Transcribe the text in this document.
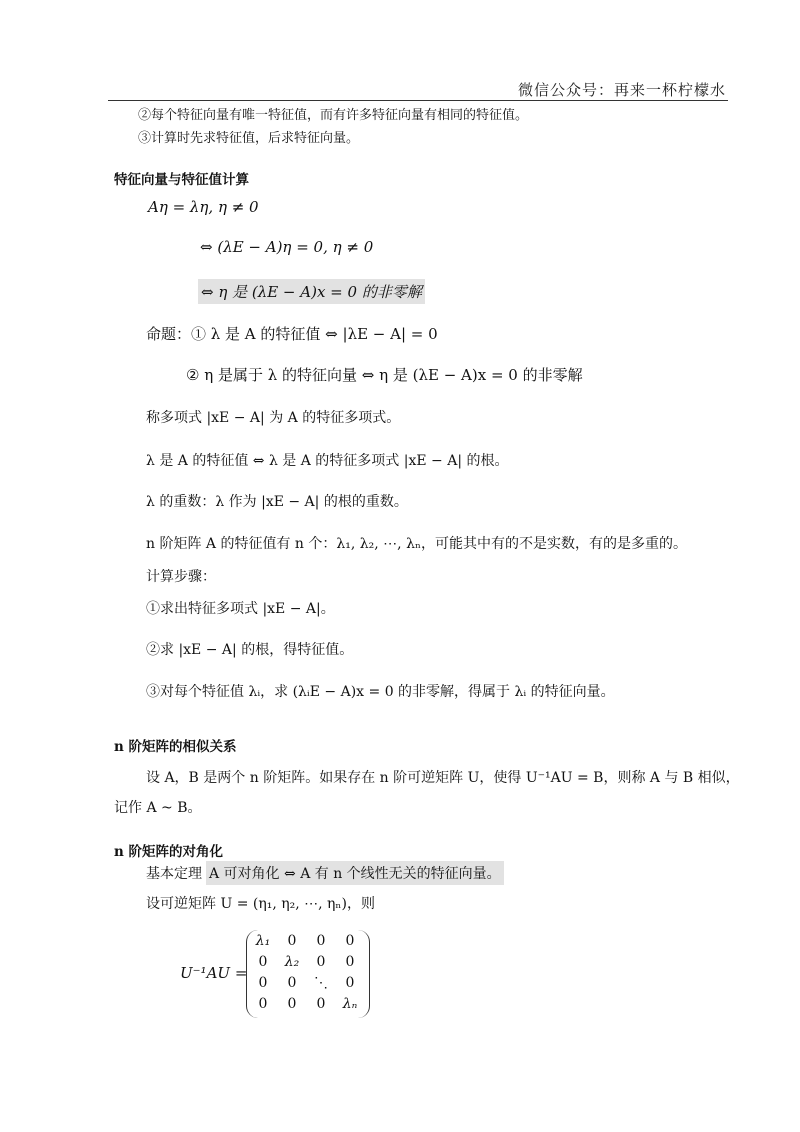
微信公众号：再来一杯柠檬水
②每个特征向量有唯一特征值，而有许多特征向量有相同的特征值。
③计算时先求特征值，后求特征向量。
特征向量与特征值计算
Aη = λη, η ≠ 0
⇔ (λE − A)η = 0, η ≠ 0
⇔ η 是 (λE − A)x = 0 的非零解
命题：① λ 是 A 的特征值 ⇔ |λE − A| = 0
② η 是属于 λ 的特征向量 ⇔ η 是 (λE − A)x = 0 的非零解
称多项式 |xE − A| 为 A 的特征多项式。
λ 是 A 的特征值 ⇔ λ 是 A 的特征多项式 |xE − A| 的根。
λ 的重数：λ 作为 |xE − A| 的根的重数。
n 阶矩阵 A 的特征值有 n 个：λ₁, λ₂, ⋯, λₙ，可能其中有的不是实数，有的是多重的。
计算步骤：
①求出特征多项式 |xE − A|。
②求 |xE − A| 的根，得特征值。
③对每个特征值 λᵢ，求 (λᵢE − A)x = 0 的非零解，得属于 λᵢ 的特征向量。
n 阶矩阵的相似关系
设 A，B 是两个 n 阶矩阵。如果存在 n 阶可逆矩阵 U，使得 U⁻¹AU = B，则称 A 与 B 相似，
记作 A ~ B。
n 阶矩阵的对角化
基本定理 A 可对角化 ⇔ A 有 n 个线性无关的特征向量。
设可逆矩阵 U = (η₁, η₂, ⋯, ηₙ)，则
U⁻¹AU =
λ₁	0	0	0
0	λ₂	0	0
0	0	⋱	0
0	0	0	λₙ
